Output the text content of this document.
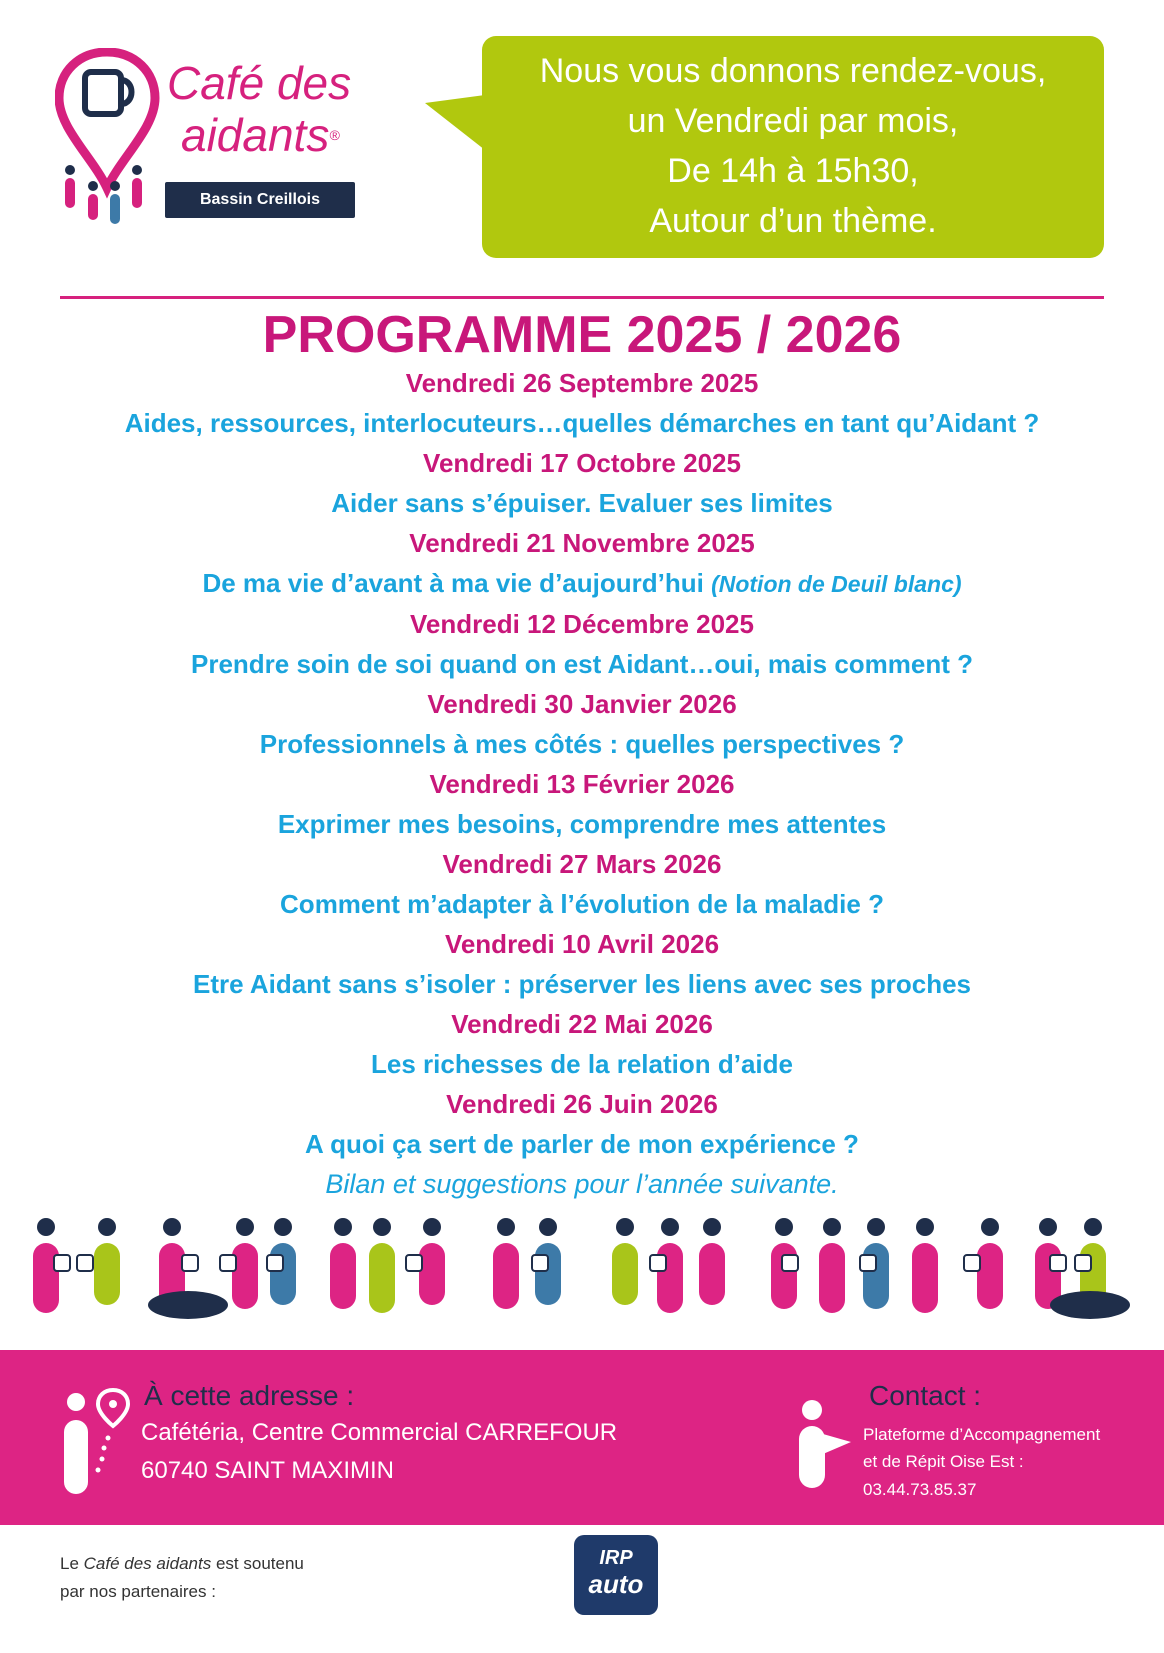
Café des
aidants®
Bassin Creillois
Nous vous donnons rendez-vous,
un Vendredi par mois,
De 14h à 15h30,
Autour d’un thème.
PROGRAMME 2025 / 2026
Vendredi 26 Septembre 2025
Aides, ressources, interlocuteurs…quelles démarches en tant qu’Aidant ?
Vendredi 17 Octobre 2025
Aider sans s’épuiser. Evaluer ses limites
Vendredi 21 Novembre 2025
De ma vie d’avant à ma vie d’aujourd’hui (Notion de Deuil blanc)
Vendredi 12 Décembre 2025
Prendre soin de soi quand on est Aidant…oui, mais comment ?
Vendredi 30 Janvier 2026
Professionnels à mes côtés : quelles perspectives ?
Vendredi 13 Février 2026
Exprimer mes besoins, comprendre mes attentes
Vendredi 27 Mars 2026
Comment m’adapter à l’évolution de la maladie ?
Vendredi 10 Avril 2026
Etre Aidant sans s’isoler : préserver les liens avec ses proches
Vendredi 22 Mai 2026
Les richesses de la relation d’aide
Vendredi 26 Juin 2026
A quoi ça sert de parler de mon expérience ?
Bilan et suggestions pour l’année suivante.
À cette adresse :
Cafétéria, Centre Commercial CARREFOUR
60740 SAINT MAXIMIN
Contact :
Plateforme d’Accompagnement
et de Répit Oise Est :
03.44.73.85.37
Le Café des aidants est soutenu
par nos partenaires :
IRP
auto
